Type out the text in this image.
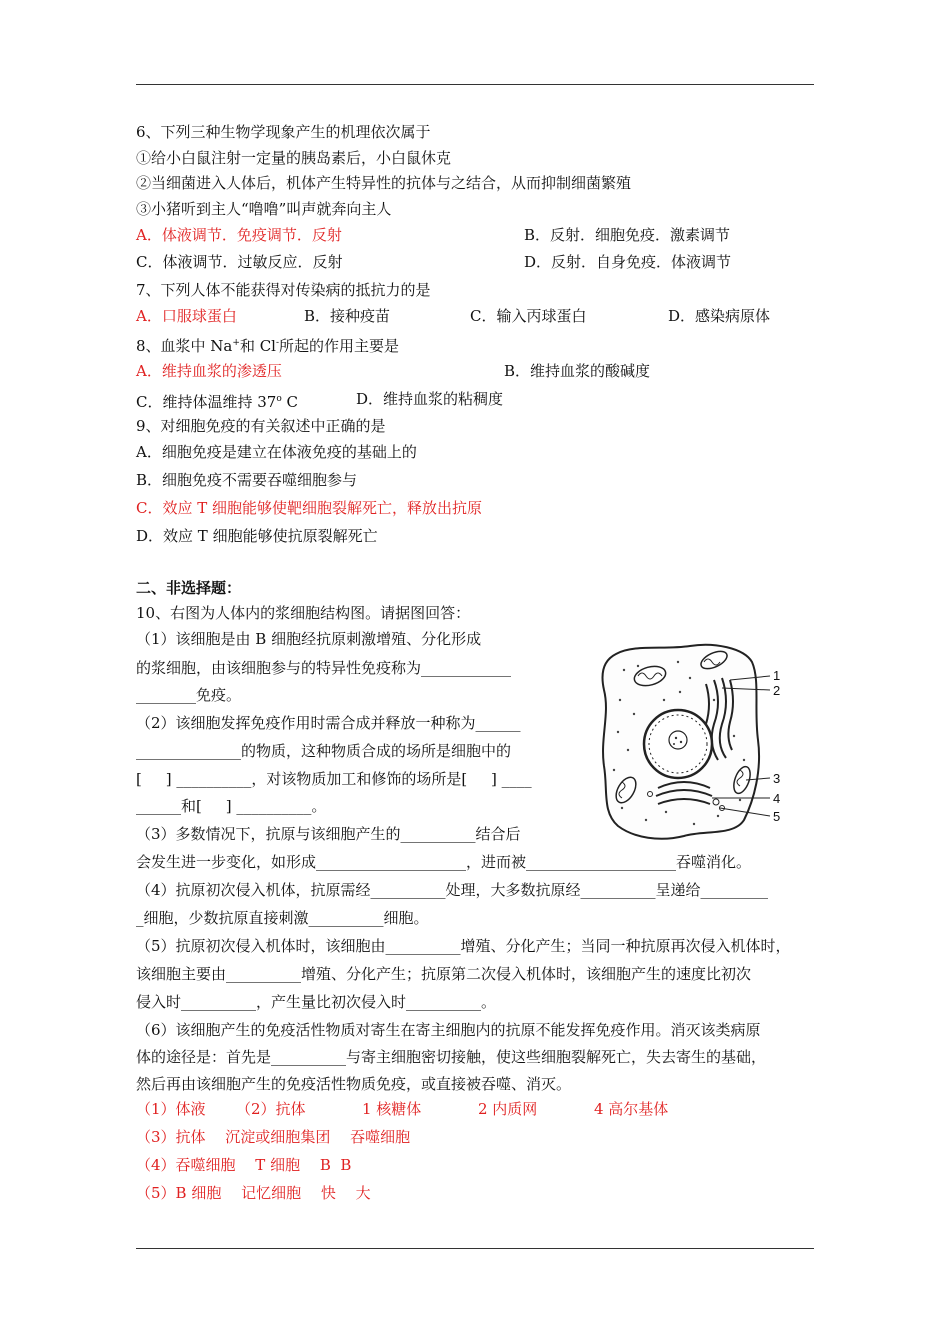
6、下列三种生物学现象产生的机理依次属于
①给小白鼠注射一定量的胰岛素后，小白鼠休克
②当细菌进入人体后，机体产生特异性的抗体与之结合，从而抑制细菌繁殖
③小猪听到主人“噜噜”叫声就奔向主人
A．体液调节．免疫调节．反射	B．反射．细胞免疫．激素调节
C．体液调节．过敏反应．反射	D．反射．自身免疫．体液调节
7、下列人体不能获得对传染病的抵抗力的是
A．口服球蛋白	B．接种疫苗	C．输入丙球蛋白	D．感染病原体
8、血浆中 Na+和 Cl-所起的作用主要是
A．维持血浆的渗透压	B．维持血浆的酸碱度
C．维持体温维持 37$^o$ C	D．维持血浆的粘稠度
9、对细胞免疫的有关叙述中正确的是
A．细胞免疫是建立在体液免疫的基础上的
B．细胞免疫不需要吞噬细胞参与
C．效应 T 细胞能够使靶细胞裂解死亡，释放出抗原
D．效应 T 细胞能够使抗原裂解死亡
二、非选择题：
10、右图为人体内的浆细胞结构图。请据图回答：
（1）该细胞是由 B 细胞经抗原刺激增殖、分化形成
的浆细胞，由该细胞参与的特异性免疫称为____________
________免疫。
（2）该细胞发挥免疫作用时需合成并释放一种称为______
______________的物质，这种物质合成的场所是细胞中的
[     ] __________，对该物质加工和修饰的场所是[     ] ____
______和[     ] __________。
（3）多数情况下，抗原与该细胞产生的__________结合后
会发生进一步变化，如形成____________________，进而被____________________吞噬消化。
（4）抗原初次侵入机体，抗原需经__________处理，大多数抗原经__________呈递给_________
_细胞，少数抗原直接刺激__________细胞。
（5）抗原初次侵入机体时，该细胞由__________增殖、分化产生；当同一种抗原再次侵入机体时，
该细胞主要由__________增殖、分化产生；抗原第二次侵入机体时，该细胞产生的速度比初次
侵入时__________，产生量比初次侵入时__________。
（6）该细胞产生的免疫活性物质对寄生在寄主细胞内的抗原不能发挥免疫作用。消灭该类病原
体的途径是：首先是__________与寄主细胞密切接触，使这些细胞裂解死亡，失去寄生的基础，
然后再由该细胞产生的免疫活性物质免疫，或直接被吞噬、消灭。
（1）体液 （2）抗体	1 核糖体	2 内质网	4 高尔基体
（3）抗体　 沉淀或细胞集团　 吞噬细胞
（4）吞噬细胞　 T 细胞　 B  B
（5）B 细胞　 记忆细胞　 快　 大
1
2
3
4
5
